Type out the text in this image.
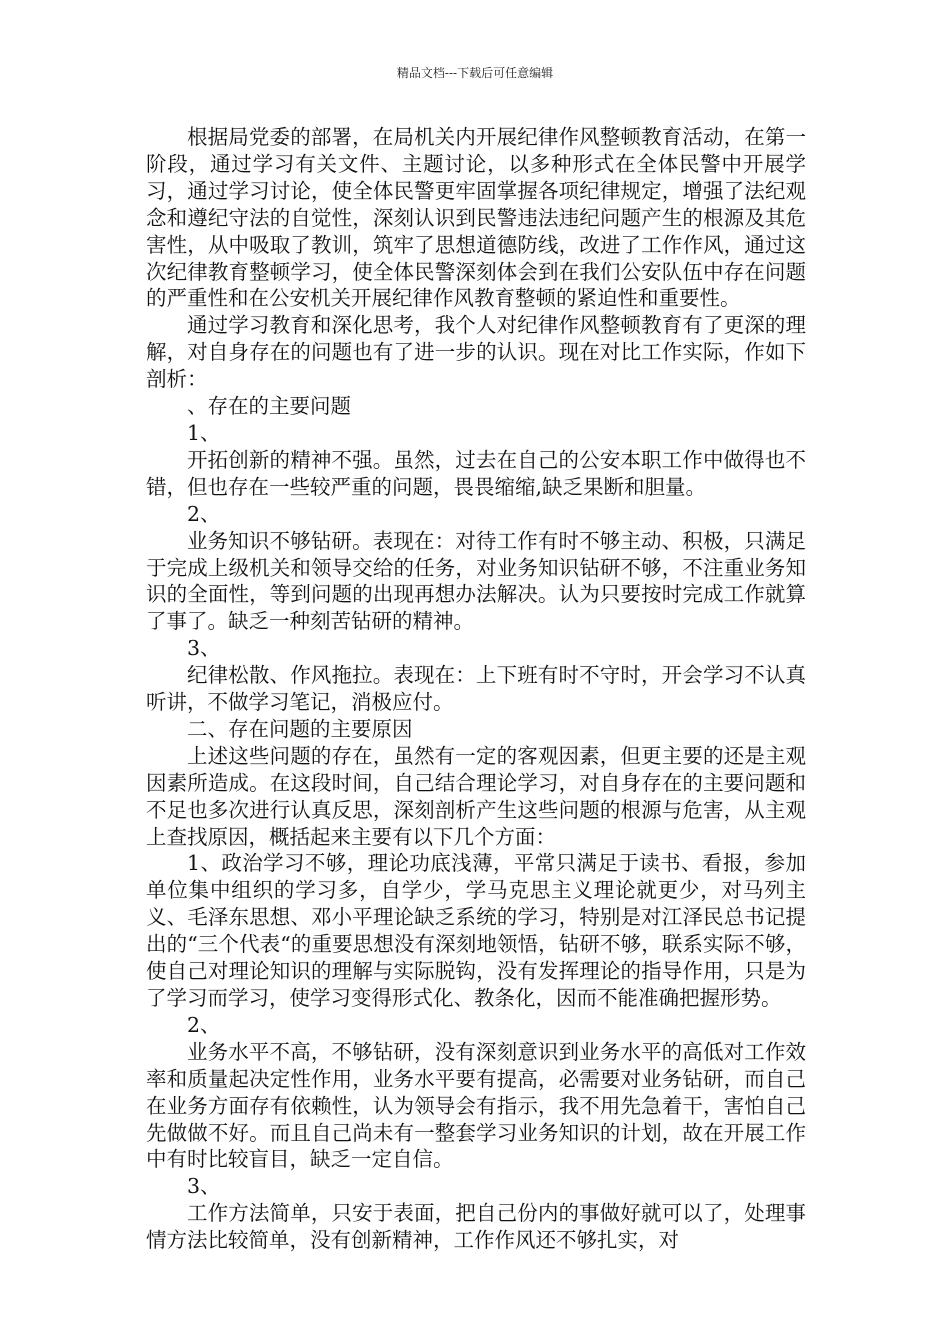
精品文档---下载后可任意编辑

根据局党委的部署，在局机关内开展纪律作风整顿教育活动，在第一阶段，通过学习有关文件、主题讨论，以多种形式在全体民警中开展学习，通过学习讨论，使全体民警更牢固掌握各项纪律规定，增强了法纪观念和遵纪守法的自觉性，深刻认识到民警违法违纪问题产生的根源及其危害性，从中吸取了教训，筑牢了思想道德防线，改进了工作作风，通过这次纪律教育整顿学习，使全体民警深刻体会到在我们公安队伍中存在问题的严重性和在公安机关开展纪律作风教育整顿的紧迫性和重要性。

通过学习教育和深化思考，我个人对纪律作风整顿教育有了更深的理解，对自身存在的问题也有了进一步的认识。现在对比工作实际，作如下剖析：

、存在的主要问题

1、

开拓创新的精神不强。虽然，过去在自己的公安本职工作中做得也不错，但也存在一些较严重的问题，畏畏缩缩,缺乏果断和胆量。

2、

业务知识不够钻研。表现在：对待工作有时不够主动、积极，只满足于完成上级机关和领导交给的任务，对业务知识钻研不够，不注重业务知识的全面性，等到问题的出现再想办法解决。认为只要按时完成工作就算了事了。缺乏一种刻苦钻研的精神。

3、

纪律松散、作风拖拉。表现在：上下班有时不守时，开会学习不认真听讲，不做学习笔记，消极应付。

二、存在问题的主要原因

上述这些问题的存在，虽然有一定的客观因素，但更主要的还是主观因素所造成。在这段时间，自己结合理论学习，对自身存在的主要问题和不足也多次进行认真反思，深刻剖析产生这些问题的根源与危害，从主观上查找原因，概括起来主要有以下几个方面：

1、政治学习不够，理论功底浅薄，平常只满足于读书、看报，参加单位集中组织的学习多，自学少，学马克思主义理论就更少，对马列主义、毛泽东思想、邓小平理论缺乏系统的学习，特别是对江泽民总书记提出的“三个代表“的重要思想没有深刻地领悟，钻研不够，联系实际不够，使自己对理论知识的理解与实际脱钩，没有发挥理论的指导作用，只是为了学习而学习，使学习变得形式化、教条化，因而不能准确把握形势。

2、

业务水平不高，不够钻研，没有深刻意识到业务水平的高低对工作效率和质量起决定性作用，业务水平要有提高，必需要对业务钻研，而自己在业务方面存有依赖性，认为领导会有指示，我不用先急着干，害怕自己先做做不好。而且自己尚未有一整套学习业务知识的计划，故在开展工作中有时比较盲目，缺乏一定自信。

3、

工作方法简单，只安于表面，把自己份内的事做好就可以了，处理事情方法比较简单，没有创新精神，工作作风还不够扎实，对
